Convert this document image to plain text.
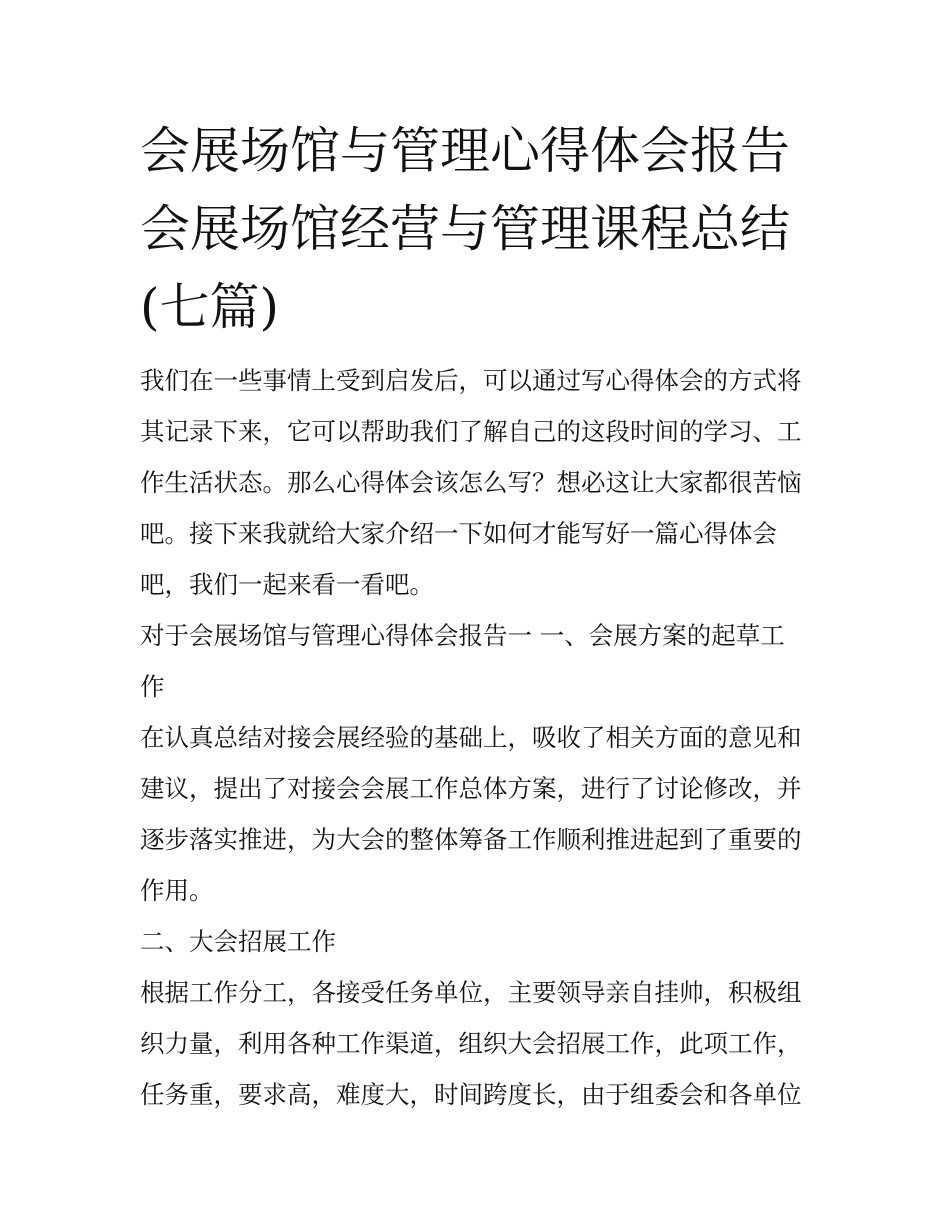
会展场馆与管理心得体会报告
会展场馆经营与管理课程总结
(七篇)

我们在一些事情上受到启发后，可以通过写心得体会的方式将

其记录下来，它可以帮助我们了解自己的这段时间的学习、工

作生活状态。那么心得体会该怎么写？想必这让大家都很苦恼

吧。接下来我就给大家介绍一下如何才能写好一篇心得体会

吧，我们一起来看一看吧。

对于会展场馆与管理心得体会报告一 一、会展方案的起草工

作

在认真总结对接会展经验的基础上，吸收了相关方面的意见和

建议，提出了对接会会展工作总体方案，进行了讨论修改，并

逐步落实推进，为大会的整体筹备工作顺利推进起到了重要的

作用。

二、大会招展工作

根据工作分工，各接受任务单位，主要领导亲自挂帅，积极组

织力量，利用各种工作渠道，组织大会招展工作，此项工作，

任务重，要求高，难度大，时间跨度长，由于组委会和各单位
